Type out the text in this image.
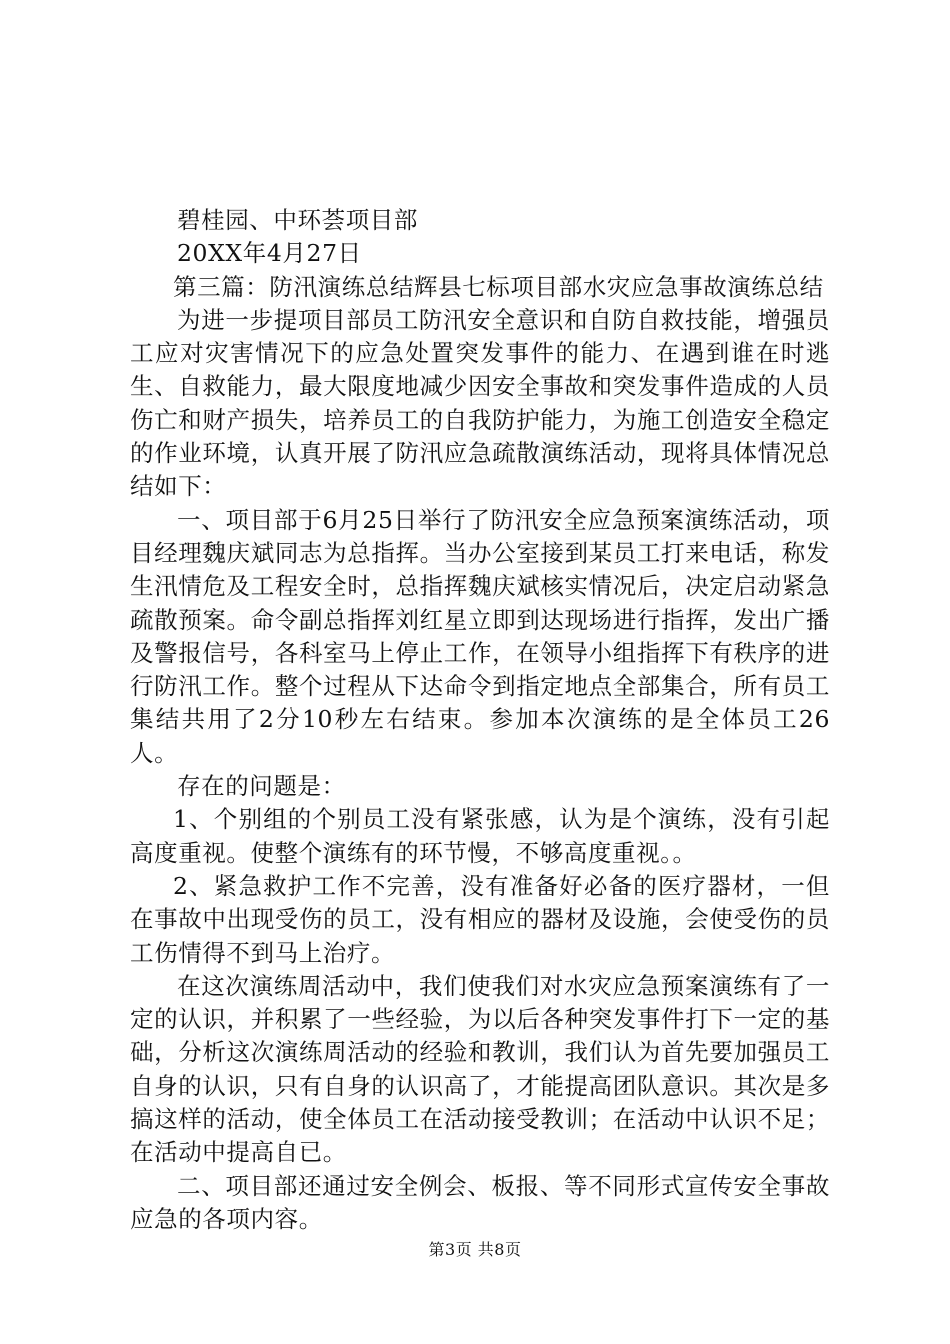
碧桂园、中环荟项目部

20XX年4月27日

第三篇：防汛演练总结辉县七标项目部水灾应急事故演练总结

为进一步提项目部员工防汛安全意识和自防自救技能，增强员工应对灾害情况下的应急处置突发事件的能力、在遇到谁在时逃生、自救能力，最大限度地减少因安全事故和突发事件造成的人员伤亡和财产损失，培养员工的自我防护能力，为施工创造安全稳定的作业环境，认真开展了防汛应急疏散演练活动，现将具体情况总结如下：

一、项目部于6月25日举行了防汛安全应急预案演练活动，项目经理魏庆斌同志为总指挥。当办公室接到某员工打来电话，称发生汛情危及工程安全时，总指挥魏庆斌核实情况后，决定启动紧急疏散预案。命令副总指挥刘红星立即到达现场进行指挥，发出广播及警报信号，各科室马上停止工作，在领导小组指挥下有秩序的进行防汛工作。整个过程从下达命令到指定地点全部集合，所有员工集结共用了2分10秒左右结束。参加本次演练的是全体员工26人。

存在的问题是：

1、个别组的个别员工没有紧张感，认为是个演练，没有引起高度重视。使整个演练有的环节慢，不够高度重视。。

2、紧急救护工作不完善，没有准备好必备的医疗器材，一但在事故中出现受伤的员工，没有相应的器材及设施，会使受伤的员工伤情得不到马上治疗。

在这次演练周活动中，我们使我们对水灾应急预案演练有了一定的认识，并积累了一些经验，为以后各种突发事件打下一定的基础，分析这次演练周活动的经验和教训，我们认为首先要加强员工自身的认识，只有自身的认识高了，才能提高团队意识。其次是多搞这样的活动，使全体员工在活动接受教训；在活动中认识不足；在活动中提高自已。

二、项目部还通过安全例会、板报、等不同形式宣传安全事故应急的各项内容。

第3页 共8页
